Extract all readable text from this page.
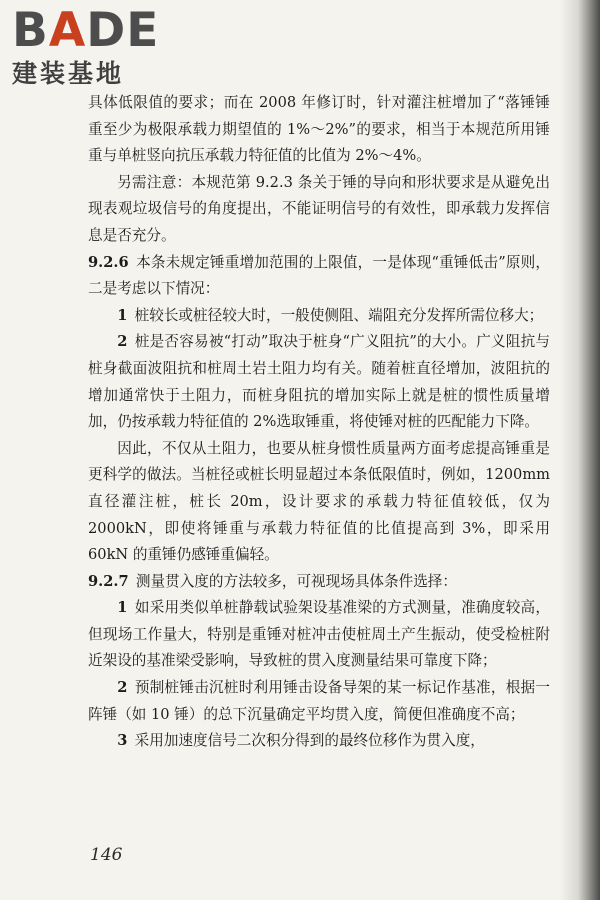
BADE
建装基地

具体低限值的要求；而在 2008 年修订时，针对灌注桩增加了“落锤锤重至少为极限承载力期望值的 1%～2%”的要求，相当于本规范所用锤重与单桩竖向抗压承载力特征值的比值为 2%～4%。

另需注意：本规范第 9.2.3 条关于锤的导向和形状要求是从避免出现表观垃圾信号的角度提出，不能证明信号的有效性，即承载力发挥信息是否充分。

9.2.6 本条未规定锤重增加范围的上限值，一是体现“重锤低击”原则，二是考虑以下情况：

1 桩较长或桩径较大时，一般使侧阻、端阻充分发挥所需位移大；

2 桩是否容易被“打动”取决于桩身“广义阻抗”的大小。广义阻抗与桩身截面波阻抗和桩周土岩土阻力均有关。随着桩直径增加，波阻抗的增加通常快于土阻力，而桩身阻抗的增加实际上就是桩的惯性质量增加，仍按承载力特征值的 2%选取锤重，将使锤对桩的匹配能力下降。

因此，不仅从土阻力，也要从桩身惯性质量两方面考虑提高锤重是更科学的做法。当桩径或桩长明显超过本条低限值时，例如，1200mm 直径灌注桩，桩长 20m，设计要求的承载力特征值较低，仅为 2000kN，即使将锤重与承载力特征值的比值提高到 3%，即采用 60kN 的重锤仍感锤重偏轻。

9.2.7 测量贯入度的方法较多，可视现场具体条件选择：

1 如采用类似单桩静载试验架设基准梁的方式测量，准确度较高，但现场工作量大，特别是重锤对桩冲击使桩周土产生振动，使受检桩附近架设的基准梁受影响，导致桩的贯入度测量结果可靠度下降；

2 预制桩锤击沉桩时利用锤击设备导架的某一标记作基准，根据一阵锤（如 10 锤）的总下沉量确定平均贯入度，简便但准确度不高；

3 采用加速度信号二次积分得到的最终位移作为贯入度，

146
